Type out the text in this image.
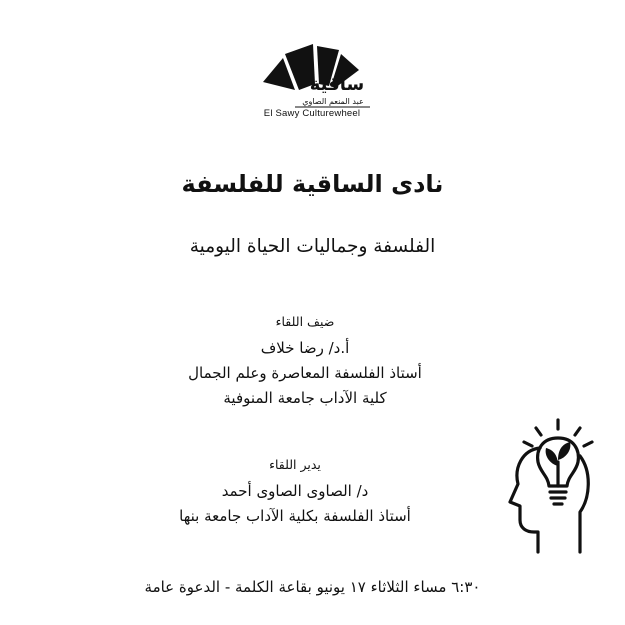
ساقية
عبد المنعم الصاوي
El Sawy Culturewheel
نادى الساقية للفلسفة
الفلسفة وجماليات الحياة اليومية
ضيف اللقاء
أ.د/ رضا خلاف
أستاذ الفلسفة المعاصرة وعلم الجمال
كلية الآداب جامعة المنوفية
يدير اللقاء
د/ الصاوى الصاوى أحمد
أستاذ الفلسفة بكلية الآداب جامعة بنها
٦:٣٠ مساء الثلاثاء ١٧ يونيو بقاعة الكلمة - الدعوة عامة
